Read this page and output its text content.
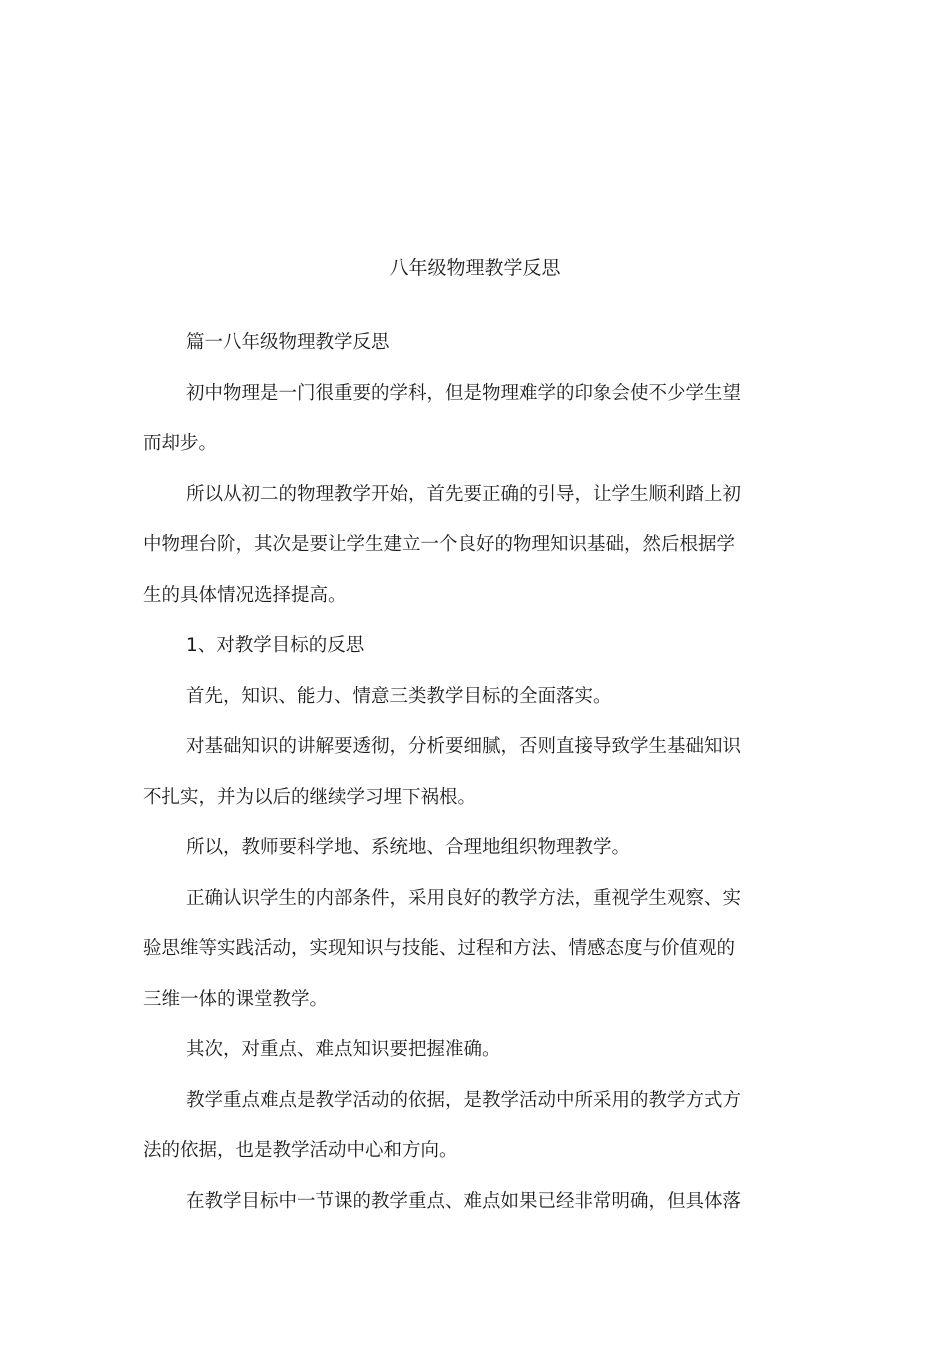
八年级物理教学反思
篇一八年级物理教学反思
初中物理是一门很重要的学科，但是物理难学的印象会使不少学生望
而却步。
所以从初二的物理教学开始，首先要正确的引导，让学生顺利踏上初
中物理台阶，其次是要让学生建立一个良好的物理知识基础，然后根据学
生的具体情况选择提高。
1、对教学目标的反思
首先，知识、能力、情意三类教学目标的全面落实。
对基础知识的讲解要透彻，分析要细腻，否则直接导致学生基础知识
不扎实，并为以后的继续学习埋下祸根。
所以，教师要科学地、系统地、合理地组织物理教学。
正确认识学生的内部条件，采用良好的教学方法，重视学生观察、实
验思维等实践活动，实现知识与技能、过程和方法、情感态度与价值观的
三维一体的课堂教学。
其次，对重点、难点知识要把握准确。
教学重点难点是教学活动的依据，是教学活动中所采用的教学方式方
法的依据，也是教学活动中心和方向。
在教学目标中一节课的教学重点、难点如果已经非常明确，但具体落
